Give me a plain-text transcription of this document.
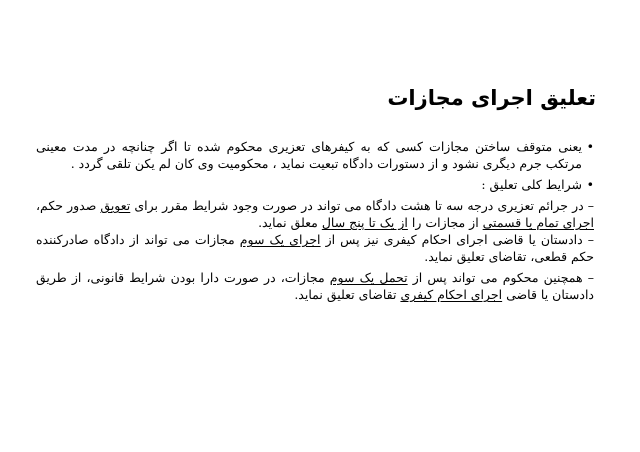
تعلیق اجرای مجازات

•
یعنی متوقف ساختن مجازات کسی که به کیفرهای تعزیری محکوم شده تا اگر چنانچه در مدت معینی مرتکب جرم دیگری نشود و از دستورات دادگاه تبعیت نماید ، محکومیت وی کان لم یکن تلقی گردد .

•
شرایط کلی تعلیق :

– در جرائم تعزیری درجه سه تا هشت دادگاه می تواند در صورت وجود شرایط مقرر برای تعویق صدور حکم، اجرای تمام یا قسمتی از مجازات را از یک تا پنج سال معلق نماید.

– دادستان یا قاضی اجرای احکام کیفری نیز پس از اجرای یک سوم مجازات می تواند از دادگاه صادرکننده حکم قطعی، تقاضای تعلیق نماید.

– همچنین محکوم می تواند پس از تحمل یک سوم مجازات، در صورت دارا بودن شرایط قانونی، از طریق دادستان یا قاضی اجرای احکام کیفری تقاضای تعلیق نماید.
